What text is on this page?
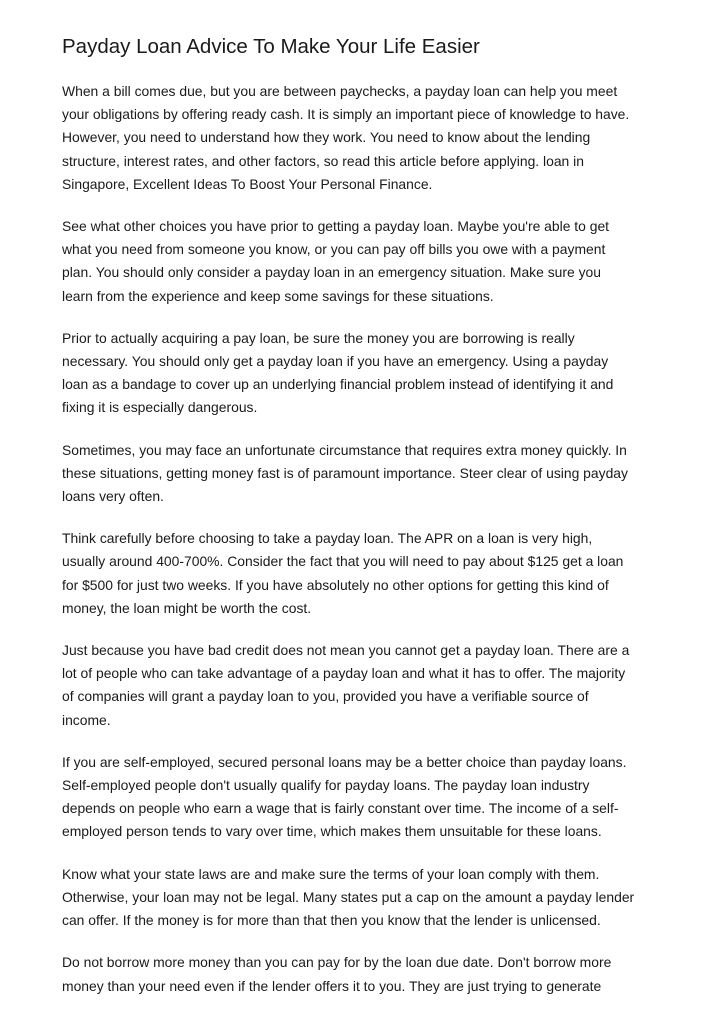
Payday Loan Advice To Make Your Life Easier
When a bill comes due, but you are between paychecks, a payday loan can help you meet
your obligations by offering ready cash. It is simply an important piece of knowledge to have.
However, you need to understand how they work. You need to know about the lending
structure, interest rates, and other factors, so read this article before applying. loan in
Singapore, Excellent Ideas To Boost Your Personal Finance.
See what other choices you have prior to getting a payday loan. Maybe you're able to get
what you need from someone you know, or you can pay off bills you owe with a payment
plan. You should only consider a payday loan in an emergency situation. Make sure you
learn from the experience and keep some savings for these situations.
Prior to actually acquiring a pay loan, be sure the money you are borrowing is really
necessary. You should only get a payday loan if you have an emergency. Using a payday
loan as a bandage to cover up an underlying financial problem instead of identifying it and
fixing it is especially dangerous.
Sometimes, you may face an unfortunate circumstance that requires extra money quickly. In
these situations, getting money fast is of paramount importance. Steer clear of using payday
loans very often.
Think carefully before choosing to take a payday loan. The APR on a loan is very high,
usually around 400-700%. Consider the fact that you will need to pay about $125 get a loan
for $500 for just two weeks. If you have absolutely no other options for getting this kind of
money, the loan might be worth the cost.
Just because you have bad credit does not mean you cannot get a payday loan. There are a
lot of people who can take advantage of a payday loan and what it has to offer. The majority
of companies will grant a payday loan to you, provided you have a verifiable source of
income.
If you are self-employed, secured personal loans may be a better choice than payday loans.
Self-employed people don't usually qualify for payday loans. The payday loan industry
depends on people who earn a wage that is fairly constant over time. The income of a self-
employed person tends to vary over time, which makes them unsuitable for these loans.
Know what your state laws are and make sure the terms of your loan comply with them.
Otherwise, your loan may not be legal. Many states put a cap on the amount a payday lender
can offer. If the money is for more than that then you know that the lender is unlicensed.
Do not borrow more money than you can pay for by the loan due date. Don't borrow more
money than your need even if the lender offers it to you. They are just trying to generate
